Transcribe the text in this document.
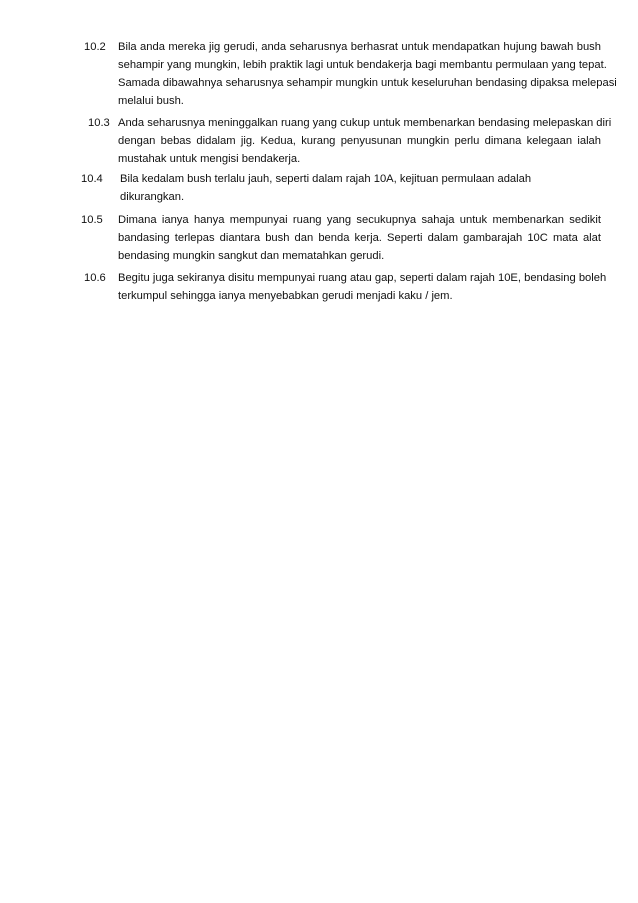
10.2 Bila anda mereka jig gerudi, anda seharusnya berhasrat untuk mendapatkan hujung bawah bush
sehampir yang mungkin, lebih praktik lagi untuk bendakerja bagi membantu permulaan yang tepat.
Samada dibawahnya seharusnya sehampir mungkin untuk keseluruhan bendasing dipaksa melepasi
melalui bush.
10.3 Anda seharusnya meninggalkan ruang yang cukup untuk membenarkan bendasing melepaskan diri
dengan bebas didalam jig. Kedua, kurang penyusunan mungkin perlu dimana kelegaan ialah
mustahak untuk mengisi bendakerja.
10.4 Bila kedalam bush terlalu jauh, seperti dalam rajah 10A, kejituan permulaan adalah
dikurangkan.
10.5 Dimana ianya hanya mempunyai ruang yang secukupnya sahaja untuk membenarkan sedikit
bandasing terlepas diantara bush dan benda kerja. Seperti dalam gambarajah 10C mata alat
bendasing mungkin sangkut dan mematahkan gerudi.
10.6 Begitu juga sekiranya disitu mempunyai ruang atau gap, seperti dalam rajah 10E, bendasing boleh
terkumpul sehingga ianya menyebabkan gerudi menjadi kaku / jem.
